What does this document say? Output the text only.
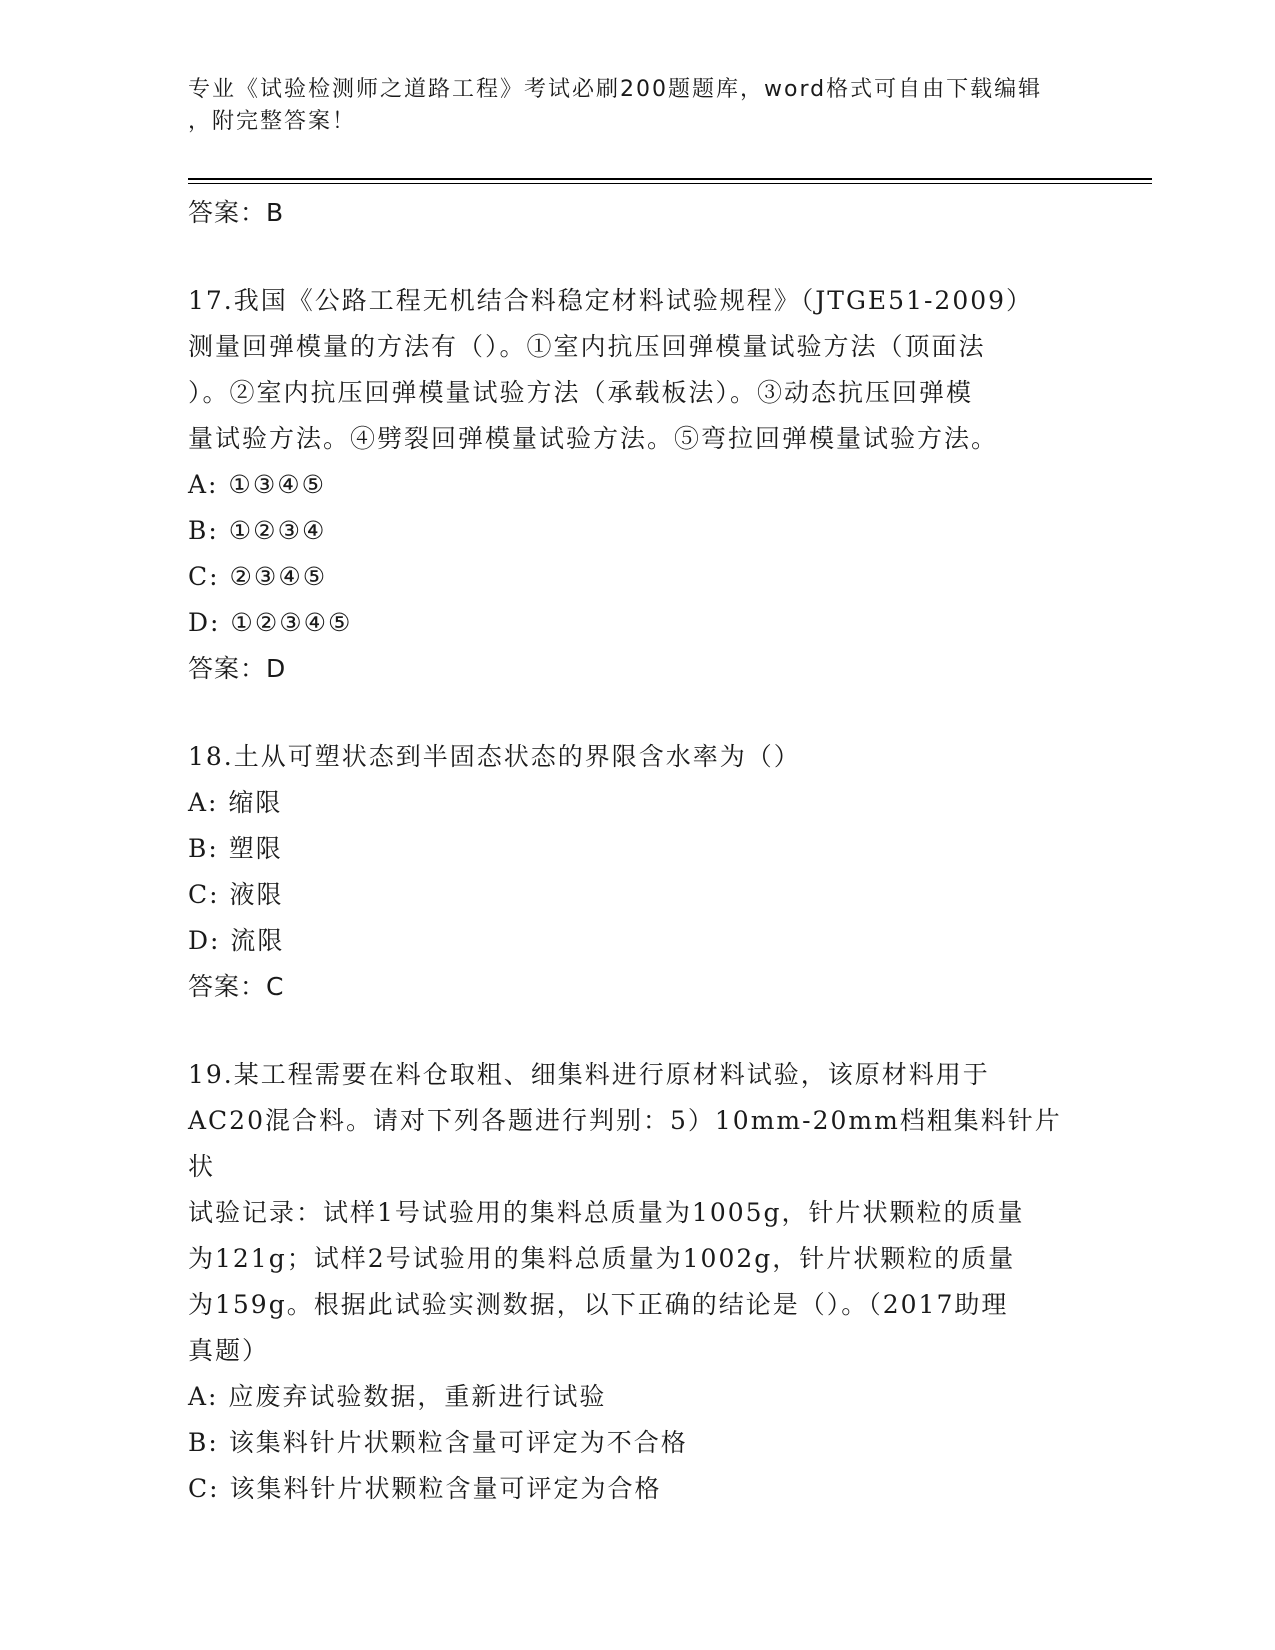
专业《试验检测师之道路工程》考试必刷200题题库，word格式可自由下载编辑

，附完整答案！

答案：B

17.我国《公路工程无机结合料稳定材料试验规程》（JTGE51-2009）

测量回弹模量的方法有（）。①室内抗压回弹模量试验方法（顶面法

）。②室内抗压回弹模量试验方法（承载板法）。③动态抗压回弹模

量试验方法。④劈裂回弹模量试验方法。⑤弯拉回弹模量试验方法。

A: ①③④⑤

B: ①②③④

C: ②③④⑤

D: ①②③④⑤

答案：D

18.土从可塑状态到半固态状态的界限含水率为（）

A: 缩限

B: 塑限

C: 液限

D: 流限

答案：C

19.某工程需要在料仓取粗、细集料进行原材料试验，该原材料用于

AC20混合料。请对下列各题进行判别：5）10mm-20mm档粗集料针片状

试验记录：试样1号试验用的集料总质量为1005g，针片状颗粒的质量

为121g；试样2号试验用的集料总质量为1002g，针片状颗粒的质量

为159g。根据此试验实测数据，以下正确的结论是（）。（2017助理

真题）

A: 应废弃试验数据，重新进行试验

B: 该集料针片状颗粒含量可评定为不合格

C: 该集料针片状颗粒含量可评定为合格
